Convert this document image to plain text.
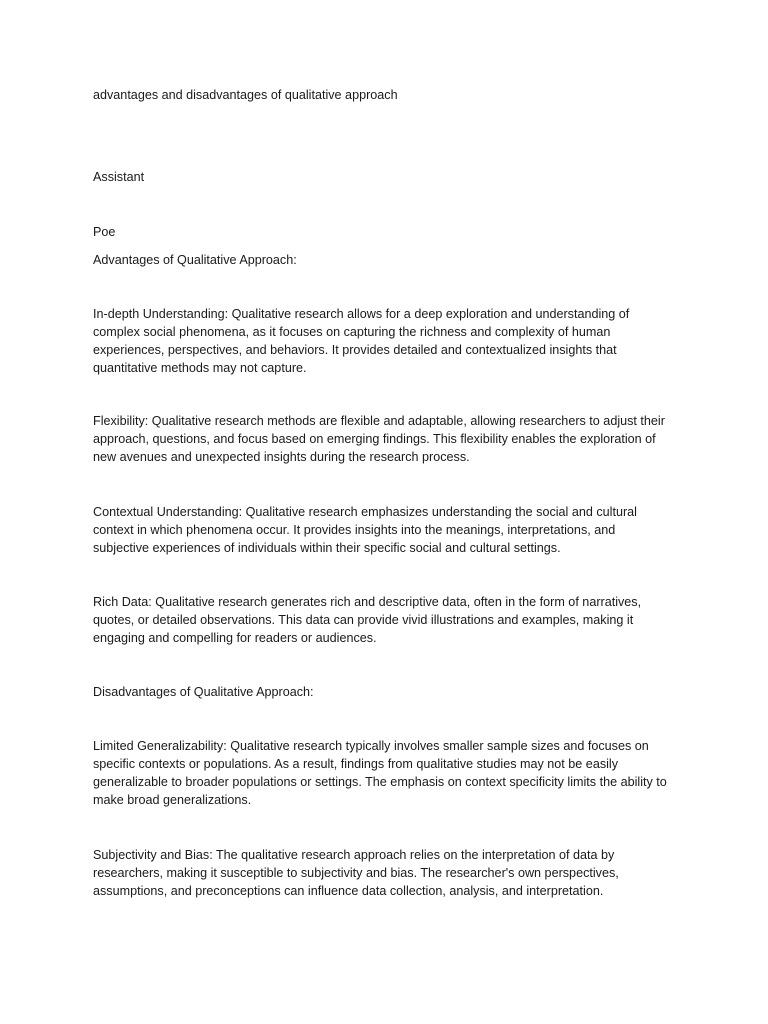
advantages and disadvantages of qualitative approach

Assistant

Poe

Advantages of Qualitative Approach:

In-depth Understanding: Qualitative research allows for a deep exploration and understanding of complex social phenomena, as it focuses on capturing the richness and complexity of human experiences, perspectives, and behaviors. It provides detailed and contextualized insights that quantitative methods may not capture.

Flexibility: Qualitative research methods are flexible and adaptable, allowing researchers to adjust their approach, questions, and focus based on emerging findings. This flexibility enables the exploration of new avenues and unexpected insights during the research process.

Contextual Understanding: Qualitative research emphasizes understanding the social and cultural context in which phenomena occur. It provides insights into the meanings, interpretations, and subjective experiences of individuals within their specific social and cultural settings.

Rich Data: Qualitative research generates rich and descriptive data, often in the form of narratives, quotes, or detailed observations. This data can provide vivid illustrations and examples, making it engaging and compelling for readers or audiences.

Disadvantages of Qualitative Approach:

Limited Generalizability: Qualitative research typically involves smaller sample sizes and focuses on specific contexts or populations. As a result, findings from qualitative studies may not be easily generalizable to broader populations or settings. The emphasis on context specificity limits the ability to make broad generalizations.

Subjectivity and Bias: The qualitative research approach relies on the interpretation of data by researchers, making it susceptible to subjectivity and bias. The researcher's own perspectives, assumptions, and preconceptions can influence data collection, analysis, and interpretation.
